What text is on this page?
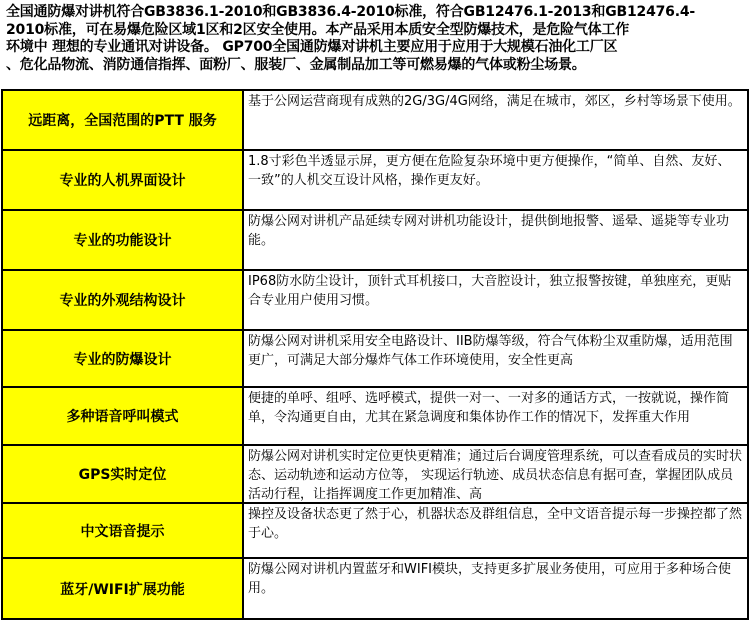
全国通防爆对讲机符合GB3836.1-2010和GB3836.4-2010标准，符合GB12476.1-2013和GB12476.4-
2010标准，可在易爆危险区域1区和2区安全使用。本产品采用本质安全型防爆技术，是危险气体工作
环境中 理想的专业通讯对讲设备。 GP700全国通防爆对讲机主要应用于应用于大规模石油化工厂区
、危化品物流、消防通信指挥、面粉厂、服装厂、金属制品加工等可燃易爆的气体或粉尘场景。
远距离，全国范围的PTT 服务	基于公网运营商现有成熟的2G/3G/4G网络，满足在城市，郊区，乡村等场景下使用。

专业的人机界面设计	1.8寸彩色半透显示屏，更方便在危险复杂环境中更方便操作，“简单、自然、友好、一致”的人机交互设计风格，操作更友好。

专业的功能设计	防爆公网对讲机产品延续专网对讲机功能设计，提供倒地报警、遥晕、遥毙等专业功能。

专业的外观结构设计	IP68防水防尘设计，顶针式耳机接口，大音腔设计，独立报警按键，单独座充，更贴合专业用户使用习惯。

专业的防爆设计	防爆公网对讲机采用安全电路设计、IIB防爆等级，符合气体粉尘双重防爆，适用范围更广，可满足大部分爆炸气体工作环境使用，安全性更高

多种语音呼叫模式	便捷的单呼、组呼、选呼模式，提供一对一、一对多的通话方式，一按就说，操作简单，令沟通更自由，尤其在紧急调度和集体协作工作的情况下，发挥重大作用

GPS实时定位	防爆公网对讲机实时定位更快更精准；通过后台调度管理系统，可以查看成员的实时状态、运动轨迹和运动方位等， 实现运行轨迹、成员状态信息有据可查，掌握团队成员活动行程，让指挥调度工作更加精准、高

中文语音提示	操控及设备状态更了然于心，机器状态及群组信息，全中文语音提示每一步操控都了然于心。

蓝牙/WIFI扩展功能	防爆公网对讲机内置蓝牙和WIFI模块，支持更多扩展业务使用，可应用于多种场合使用。
